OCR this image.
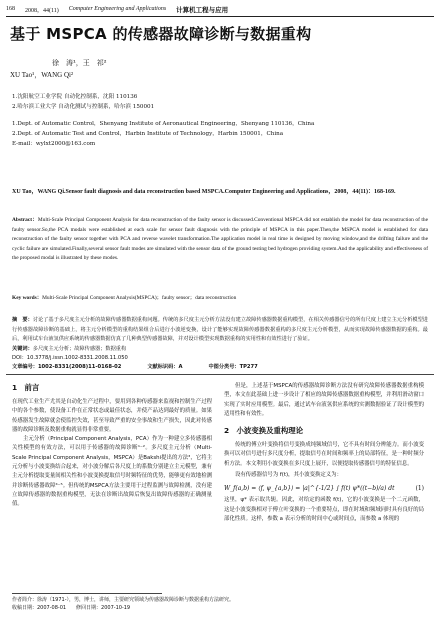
168 2008，44(11) Computer Engineering and Applications 计算机工程与应用
基于 MSPCA 的传感器故障诊断与数据重构
徐　涛¹，王　祁²
XU Tao¹，WANG Qi²
1.沈阳航空工业学院 自动化控制系，沈阳 110136
2.哈尔滨工业大学 自动化测试与控制系，哈尔滨 150001
1.Dept. of Automatic Control，Shenyang Institute of Aeronautical Engineering，Shenyang 110136，China
2.Dept. of Automatic Test and Control，Harbin Institute of Technology，Harbin 150001，China
E-mail：wylxt2000@163.com
XU Tao，WANG Qi.Sensor fault diagnosis and data reconstruction based MSPCA.Computer Engineering and Applications，2008，44(11)：168-169.
Abstract：Multi-Scale Principal Component Analysis for data reconstruction of the faulty sensor is discussed.Conventional MSPCA did not establish the model for data reconstruction of the faulty sensor.So,the PCA modals were established at each scale for sensor fault diagnosis with the principle of MSPCA in this paper.Then,the MSPCA model is established for data reconstruction of the faulty sensor together with PCA and reverse wavelet transformation.The application model in real time is designed by moving window,and the drifting failure and the cyclic failure are simulated.Finally,several sensor fault modes are simulated with the sensor data of the ground testing bed hydrogen providing system.And the applicability and effectiveness of the proposed modal is illustrated by these modes.
Key words：Multi-Scale Principal Component Analysis(MSPCA)；faulty sensor；data reconstruction
摘　要：讨论了基于多尺度主元分析的故障传感器数据重构问题。传统的多尺度主元分析方法没有建立故障传感器数据重构模型，在相关传感器信号的所有尺度上建立主元分析模型进行传感器故障诊断的基础上，将主元分析模型的重构结果组合后进行小波逆变换，设计了能够实现故障传感器数据重构的多尺度主元分析模型，从而实现故障传感器数据的重构。最后，利用试车台液氢供应系统的传感器数据仿真了几种典型传感器故障，并对设计模型实现数据重构的实用性和有效性进行了验证。
关键词：多尺度主元分析；故障传感器；数据重构
DOI：10.3778/j.issn.1002-8331.2008.11.050
文章编号：1002-8331(2008)11-0168-02	文献标识码：A	中图分类号：TP277
1　前言

在现代工业生产尤其是自动化生产过程中，要用到各种传感器来监视和控制生产过程中的各个参数，使设备工作在正常状态或最佳状态，并使产品达到最好的质量。如果传感器发生故障就会使监控失效，甚至导致严重的安全事故和生产损失，因此对传感器的故障诊断及数据重构就显得非常重要。

主元分析（Principal Component Analysis，PCA）作为一种建立多传感器相关性模型的有效方法，可以用于传感器的故障诊断¹⁻²。多尺度主元分析（Multi-Scale Principal Component Analysis，MSPCA）是Bakshi提出的方法³，它将主元分析与小波变换结合起来，对小波分解后各尺度上的系数分别建立主元模型，兼有主元分析提取变量间相关性和小波变换提取信号时频特征的优势，能够更有效地检测并诊断传感器故障⁴⁻⁵。但传统的MSPCA方法主要用于过程监测与故障检测，没有建立故障传感器的数据重构模型，无法在诊断出故障后恢复出故障传感器的正确测量值。

但是，上述基于MSPCA的传感器故障诊断方法没有研究故障传感器数据重构模型，本文在此基础上进一步设计了相应的故障传感器数据重构模型，并利用滑动窗口实现了实时应用模型。最后，通过试车台液氢供应系统的实测数据验证了设计模型的适用性和有效性。

2　小波变换及重构理论

传统的傅立叶变换将信号变换成纯频域信号，它不具有时间分辨能力。而小波变换可以对信号进行多尺度分析，提取信号在时间和频率上的局部特征，是一种时频分析方法。本文利用小波变换在多尺度上展开，以便提取传感器信号的特征信息。

设有传感器信号为 f(t)，其小波变换定义为：

W_f(a,b) = ⟨f, ψ_{a,b}⟩ = |a|^{-1/2} ∫ f(t) ψ*((t−b)/a) dt	(1)

这里，ψ* 表示取共轭。因此，对给定的函数 f(t)，它的小波变换是一个二元函数，这是小波变换相对于傅立叶变换的一个重要特点，即在时域和频域同时具有良好的局部化性质。这样，参数 a 表示分析的时间中心或时间点，而参数 a 体现的

作者简介：徐涛（1971-），男，博士，讲师，主要研究领域为传感器故障诊断与数据重构方法研究。
收稿日期：2007-08-01　　修回日期：2007-10-19
